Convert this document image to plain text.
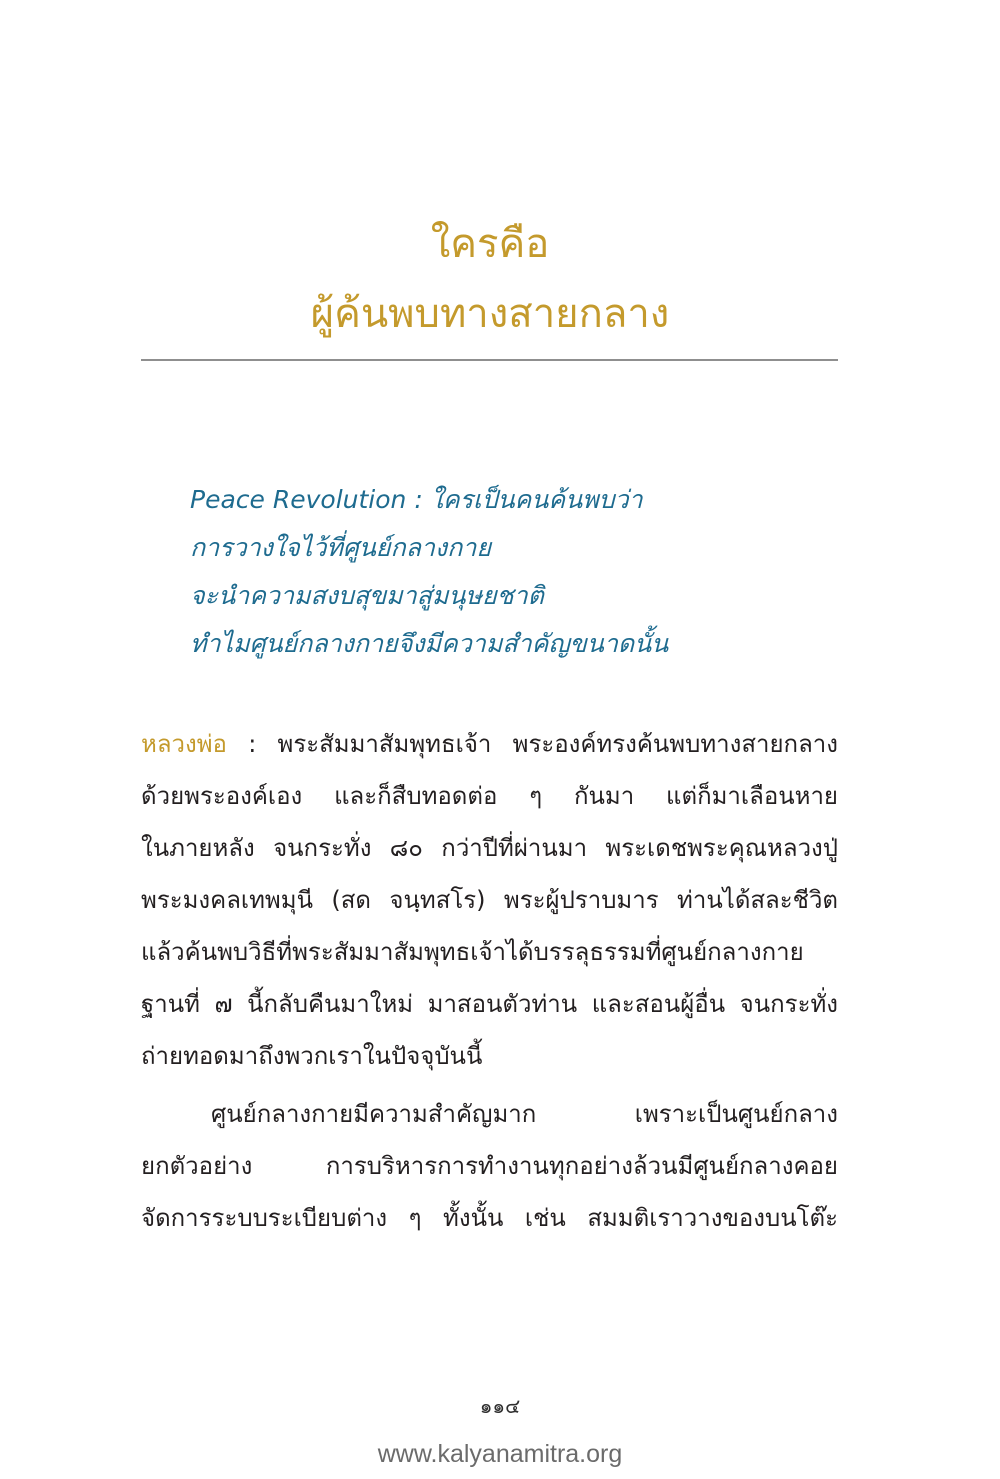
ใครคือ
ผู้ค้นพบทางสายกลาง
Peace Revolution : ใครเป็นคนค้นพบว่า
การวางใจไว้ที่ศูนย์กลางกาย
จะนำความสงบสุขมาสู่มนุษยชาติ
ทำไมศูนย์กลางกายจึงมีความสำคัญขนาดนั้น
หลวงพ่อ : พระสัมมาสัมพุทธเจ้า พระองค์ทรงค้นพบทางสายกลาง
ด้วยพระองค์เอง และก็สืบทอดต่อ ๆ กันมา แต่ก็มาเลือนหาย
ในภายหลัง จนกระทั่ง ๘๐ กว่าปีที่ผ่านมา พระเดชพระคุณหลวงปู่
พระมงคลเทพมุนี (สด จนฺทสโร) พระผู้ปราบมาร ท่านได้สละชีวิต
แล้วค้นพบวิธีที่พระสัมมาสัมพุทธเจ้าได้บรรลุธรรมที่ศูนย์กลางกาย
ฐานที่ ๗ นี้กลับคืนมาใหม่ มาสอนตัวท่าน และสอนผู้อื่น จนกระทั่ง
ถ่ายทอดมาถึงพวกเราในปัจจุบันนี้
ศูนย์กลางกายมีความสำคัญมาก เพราะเป็นศูนย์กลาง
ยกตัวอย่าง การบริหารการทำงานทุกอย่างล้วนมีศูนย์กลางคอย
จัดการระบบระเบียบต่าง ๆ ทั้งนั้น เช่น สมมติเราวางของบนโต๊ะ
๑๑๔
www.kalyanamitra.org
